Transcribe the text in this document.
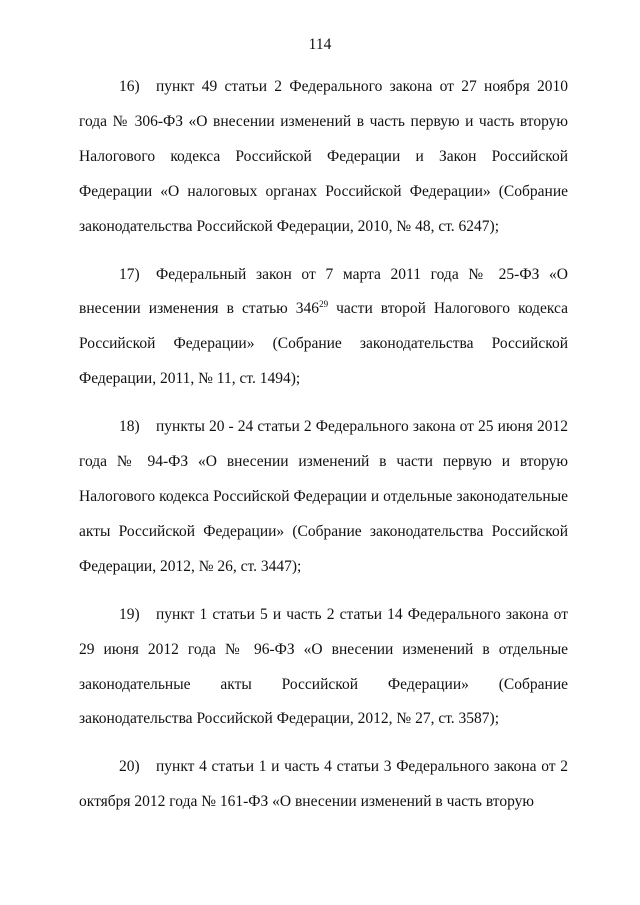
114

16) пункт 49 статьи 2 Федерального закона от 27 ноября 2010 года № 306-ФЗ «О внесении изменений в часть первую и часть вторую Налогового кодекса Российской Федерации и Закон Российской Федерации «О налоговых органах Российской Федерации» (Собрание законодательства Российской Федерации, 2010, № 48, ст. 6247);

17) Федеральный закон от 7 марта 2011 года № 25-ФЗ «О внесении изменения в статью $346^{29}$ части второй Налогового кодекса Российской Федерации» (Собрание законодательства Российской Федерации, 2011, № 11, ст. 1494);

18) пункты 20 - 24 статьи 2 Федерального закона от 25 июня 2012 года № 94-ФЗ «О внесении изменений в части первую и вторую Налогового кодекса Российской Федерации и отдельные законодательные акты Российской Федерации» (Собрание законодательства Российской Федерации, 2012, № 26, ст. 3447);

19) пункт 1 статьи 5 и часть 2 статьи 14 Федерального закона от 29 июня 2012 года № 96-ФЗ «О внесении изменений в отдельные законодательные акты Российской Федерации» (Собрание законодательства Российской Федерации, 2012, № 27, ст. 3587);

20) пункт 4 статьи 1 и часть 4 статьи 3 Федерального закона от 2 октября 2012 года № 161-ФЗ «О внесении изменений в часть вторую
